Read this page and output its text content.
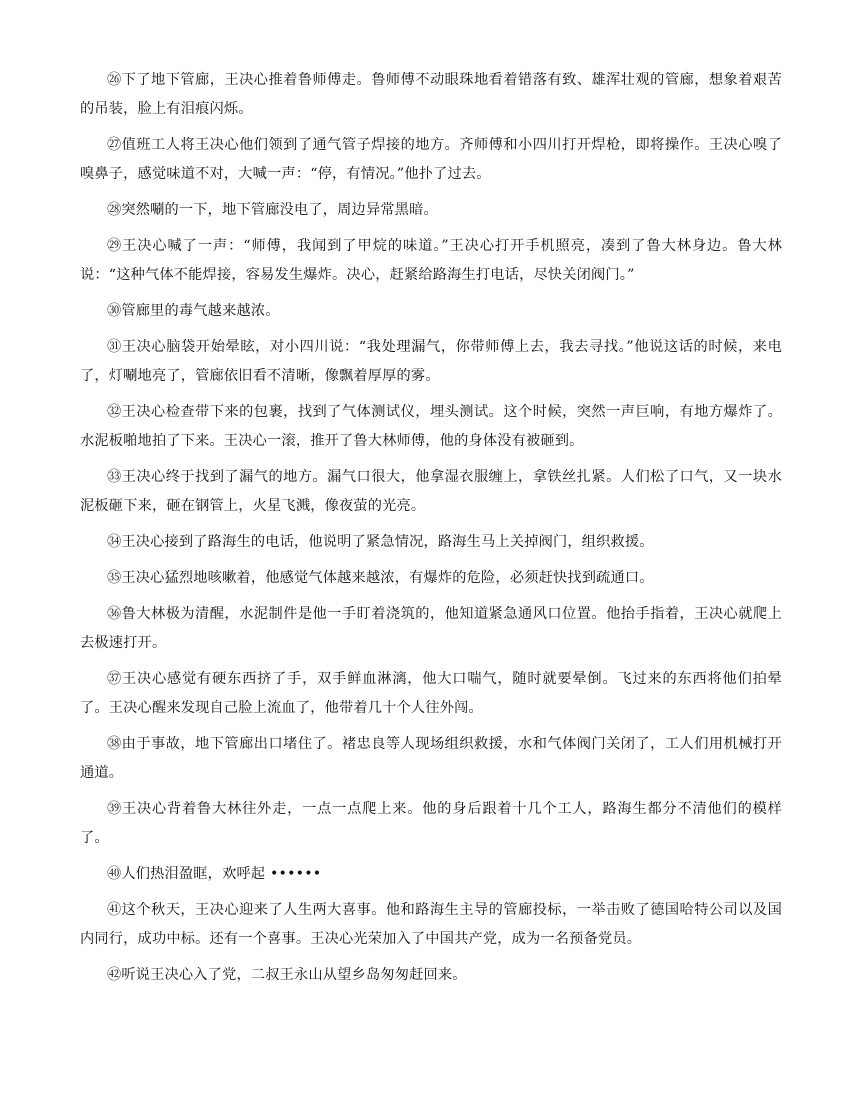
㉖下了地下管廊，王决心推着鲁师傅走。鲁师傅不动眼珠地看着错落有致、雄浑壮观的管廊，想象着艰苦的吊装，脸上有泪痕闪烁。

㉗值班工人将王决心他们领到了通气管子焊接的地方。齐师傅和小四川打开焊枪，即将操作。王决心嗅了嗅鼻子，感觉味道不对，大喊一声：“停，有情况。”他扑了过去。

㉘突然唰的一下，地下管廊没电了，周边异常黑暗。

㉙王决心喊了一声：“师傅，我闻到了甲烷的味道。”王决心打开手机照亮，凑到了鲁大林身边。鲁大林说：“这种气体不能焊接，容易发生爆炸。决心，赶紧给路海生打电话，尽快关闭阀门。”

㉚管廊里的毒气越来越浓。

㉛王决心脑袋开始晕眩，对小四川说：“我处理漏气，你带师傅上去，我去寻找。”他说这话的时候，来电了，灯唰地亮了，管廊依旧看不清晰，像飘着厚厚的雾。

㉜王决心检查带下来的包裹，找到了气体测试仪，埋头测试。这个时候，突然一声巨响，有地方爆炸了。水泥板啪地拍了下来。王决心一滚，推开了鲁大林师傅，他的身体没有被砸到。

㉝王决心终于找到了漏气的地方。漏气口很大，他拿湿衣服缠上，拿铁丝扎紧。人们松了口气，又一块水泥板砸下来，砸在钢管上，火星飞溅，像夜萤的光亮。

㉞王决心接到了路海生的电话，他说明了紧急情况，路海生马上关掉阀门，组织救援。

㉟王决心猛烈地咳嗽着，他感觉气体越来越浓，有爆炸的危险，必须赶快找到疏通口。

㊱鲁大林极为清醒，水泥制件是他一手盯着浇筑的，他知道紧急通风口位置。他抬手指着，王决心就爬上去极速打开。

㊲王决心感觉有硬东西挤了手，双手鲜血淋漓，他大口喘气，随时就要晕倒。飞过来的东西将他们拍晕了。王决心醒来发现自己脸上流血了，他带着几十个人往外闯。

㊳由于事故，地下管廊出口堵住了。褚忠良等人现场组织救援，水和气体阀门关闭了，工人们用机械打开通道。

㊴王决心背着鲁大林往外走，一点一点爬上来。他的身后跟着十几个工人，路海生都分不清他们的模样了。

㊵人们热泪盈眶，欢呼起 ••••••

㊶这个秋天，王决心迎来了人生两大喜事。他和路海生主导的管廊投标，一举击败了德国哈特公司以及国内同行，成功中标。还有一个喜事。王决心光荣加入了中国共产党，成为一名预备党员。

㊷听说王决心入了党，二叔王永山从望乡岛匆匆赶回来。
